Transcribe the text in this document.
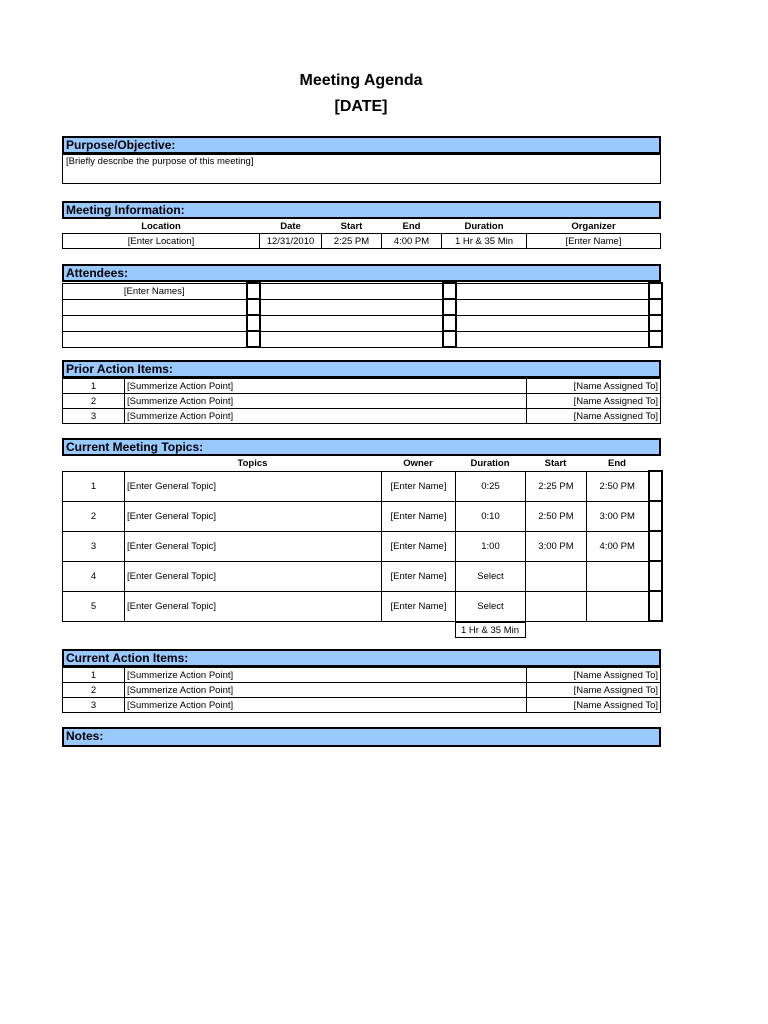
Meeting Agenda
[DATE]
Purpose/Objective:
[Briefly describe the purpose of this meeting]
Meeting Information:
Location	Date	Start	End	Duration	Organizer
[Enter Location]	12/31/2010	2:25 PM	4:00 PM	1 Hr & 35 Min	[Enter Name]
Attendees:
[Enter Names]					

Prior Action Items:
1	[Summerize Action Point]	[Name Assigned To]
2	[Summerize Action Point]	[Name Assigned To]
3	[Summerize Action Point]	[Name Assigned To]
Current Meeting Topics:
	Topics	Owner	Duration	Start	End	
1	[Enter General Topic]	[Enter Name]	0:25	2:25 PM	2:50 PM	
2	[Enter General Topic]	[Enter Name]	0:10	2:50 PM	3:00 PM	
3	[Enter General Topic]	[Enter Name]	1:00	3:00 PM	4:00 PM	
4	[Enter General Topic]	[Enter Name]	Select			
5	[Enter General Topic]	[Enter Name]	Select			
			1 Hr & 35 Min			
Current Action Items:
1	[Summerize Action Point]	[Name Assigned To]
2	[Summerize Action Point]	[Name Assigned To]
3	[Summerize Action Point]	[Name Assigned To]
Notes:
